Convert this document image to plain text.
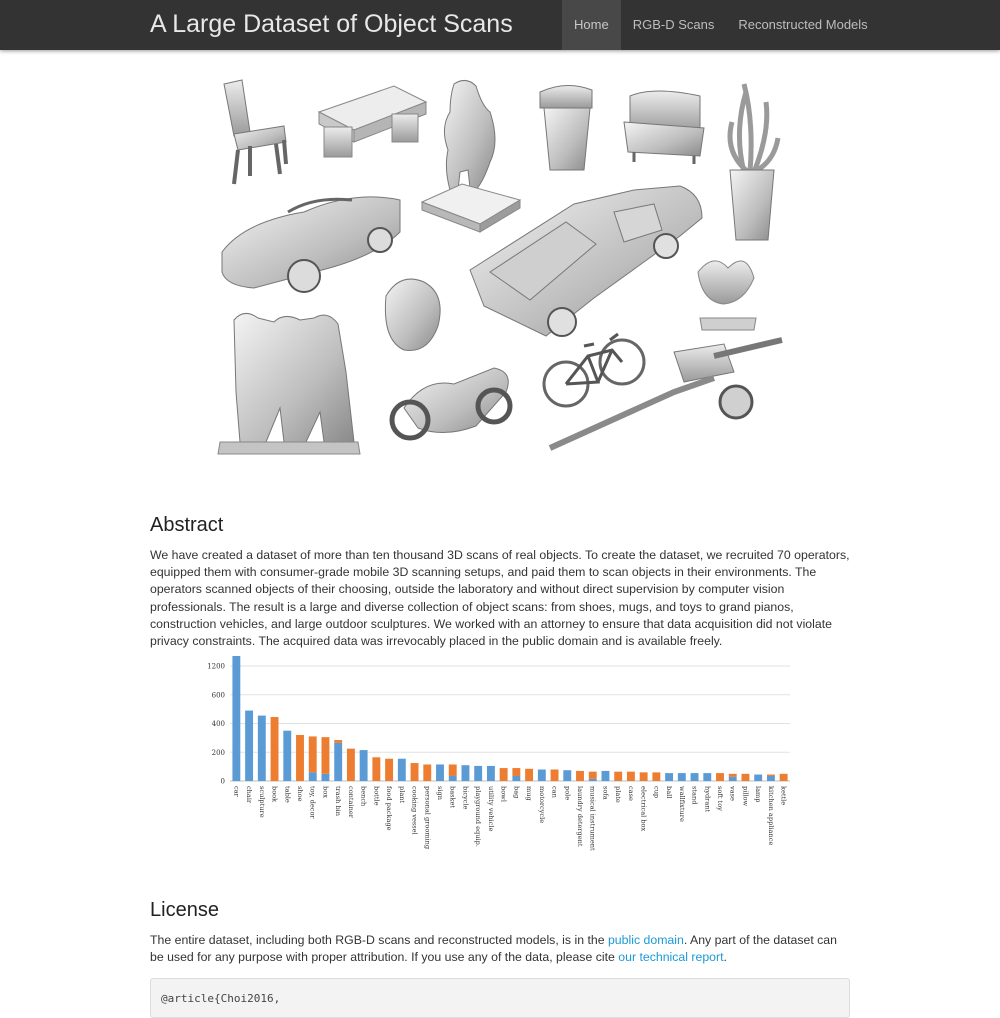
A Large Dataset of Object Scans	Home	RGB-D Scans	Reconstructed Models
Abstract

We have created a dataset of more than ten thousand 3D scans of real objects. To create the dataset, we recruited 70 operators, equipped them with consumer-grade mobile 3D scanning setups, and paid them to scan objects in their environments. The operators scanned objects of their choosing, outside the laboratory and without direct supervision by computer vision professionals. The result is a large and diverse collection of object scans: from shoes, mugs, and toys to grand pianos, construction vehicles, and large outdoor sculptures. We worked with an attorney to ensure that data acquisition did not violate privacy constraints. The acquired data was irrevocably placed in the public domain and is available freely.

0
200
400
600
1200
car chair sculpture book table shoe toy, decor box trash bin container bench bottle food package plant cooking vessel personal grooming sign basket bicycle playground equip. utility vehicle bowl bag mug motorcycle can pole laundry detergent musical instrument sofa plate case electrical box cup ball wallfixture stand hydrant soft toy vase pillow lamp kitchen appliance kettle
License

The entire dataset, including both RGB-D scans and reconstructed models, is in the public domain. Any part of the dataset can be used for any purpose with proper attribution. If you use any of the data, please cite our technical report.

@article{Choi2016,
